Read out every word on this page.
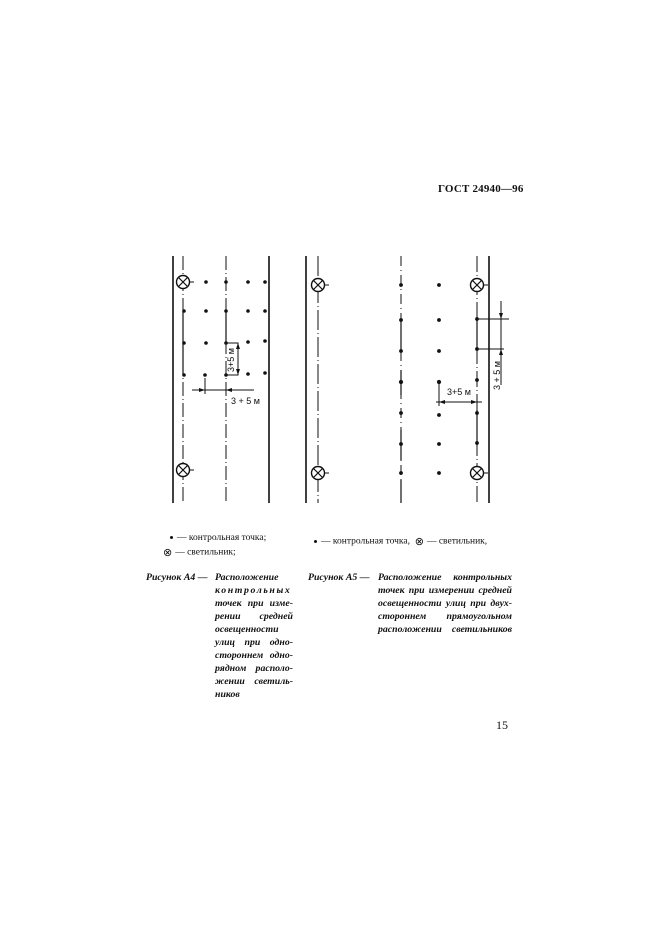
ГОСТ 24940—96
3+5 м
3 + 5 м
3 + 5 м
3+5 м
— контрольная точка;
⊗ — светильник;
— контрольная точка, ⊗ — светильник,
Рисунок А4 — Расположение
контрольных
точек при изме-
рении средней
освещенности
улиц при одно-
стороннем одно-
рядном располо-
жении светиль-
ников
Рисунок А5 — Расположение контрольных
точек при измерении средней
освещенности улиц при двух-
стороннем прямоугольном
расположении светильников
15
